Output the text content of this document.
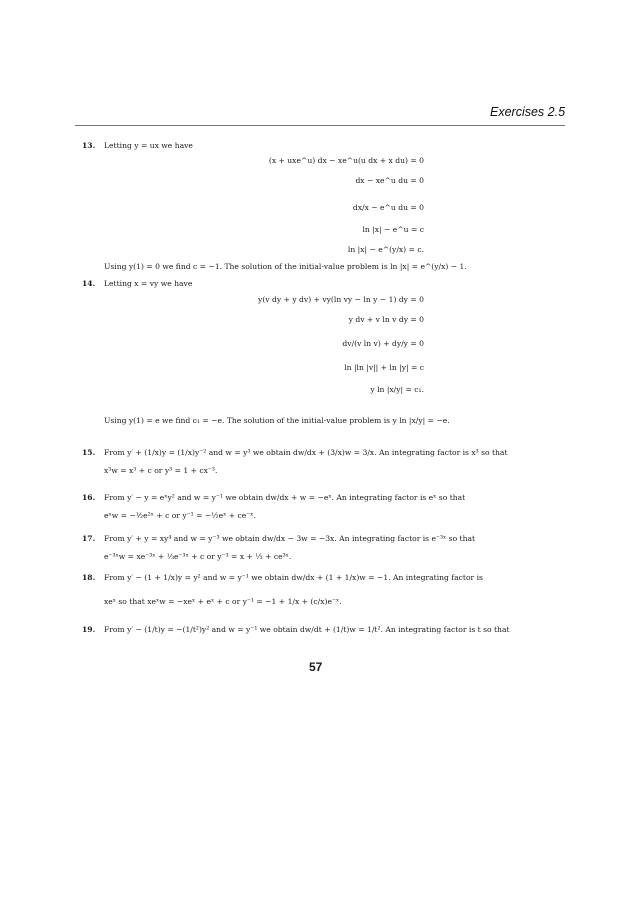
Exercises 2.5
13. Letting y = ux we have
(x + uxe^u) dx − xe^u(u dx + x du) = 0
dx − xe^u du = 0
dx/x − e^u du = 0
ln |x| − e^u = c
ln |x| − e^(y/x) = c.
Using y(1) = 0 we find c = −1. The solution of the initial-value problem is ln |x| = e^(y/x) − 1.
14. Letting x = vy we have
y(v dy + y dv) + vy(ln vy − ln y − 1) dy = 0
y dv + v ln v dy = 0
dv/(v ln v) + dy/y = 0
ln |ln |v|| + ln |y| = c
y ln |x/y| = c₁.
Using y(1) = e we find c₁ = −e. The solution of the initial-value problem is y ln |x/y| = −e.
15. From y′ + (1/x)y = (1/x)y⁻² and w = y³ we obtain dw/dx + (3/x)w = 3/x. An integrating factor is x³ so that
x³w = x³ + c or y³ = 1 + cx⁻³.
16. From y′ − y = eˣy² and w = y⁻¹ we obtain dw/dx + w = −eˣ. An integrating factor is eˣ so that
eˣw = −½e²ˣ + c or y⁻¹ = −½eˣ + ce⁻ˣ.
17. From y′ + y = xy⁴ and w = y⁻³ we obtain dw/dx − 3w = −3x. An integrating factor is e⁻³ˣ so that
e⁻³ˣw = xe⁻³ˣ + ⅓e⁻³ˣ + c or y⁻³ = x + ⅓ + ce³ˣ.
18. From y′ − (1 + 1/x)y = y² and w = y⁻¹ we obtain dw/dx + (1 + 1/x)w = −1. An integrating factor is
xeˣ so that xeˣw = −xeˣ + eˣ + c or y⁻¹ = −1 + 1/x + (c/x)e⁻ˣ.
19. From y′ − (1/t)y = −(1/t²)y² and w = y⁻¹ we obtain dw/dt + (1/t)w = 1/t². An integrating factor is t so that
57
